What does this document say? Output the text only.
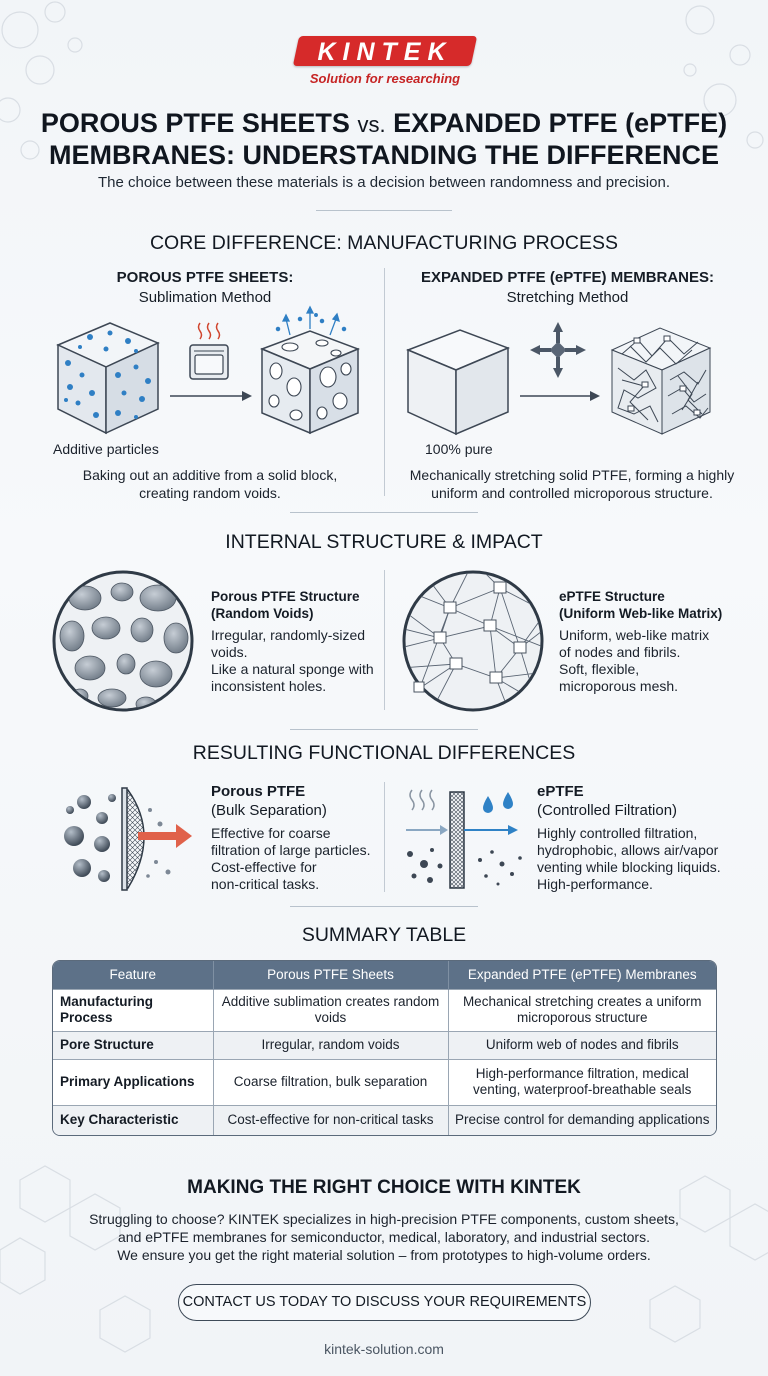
KINTEK
Solution for researching
POROUS PTFE SHEETS vs. EXPANDED PTFE (ePTFE)
MEMBRANES: UNDERSTANDING THE DIFFERENCE
The choice between these materials is a decision between randomness and precision.
CORE DIFFERENCE: MANUFACTURING PROCESS
POROUS PTFE SHEETS:
Sublimation Method
EXPANDED PTFE (ePTFE) MEMBRANES:
Stretching Method
Additive particles	100% pure
Baking out an additive from a solid block,
creating random voids.
Mechanically stretching solid PTFE, forming a highly
uniform and controlled microporous structure.
INTERNAL STRUCTURE & IMPACT
Porous PTFE Structure
(Random Voids)
Irregular, randomly-sized
voids.
Like a natural sponge with
inconsistent holes.
ePTFE Structure
(Uniform Web-like Matrix)
Uniform, web-like matrix
of nodes and fibrils.
Soft, flexible,
microporous mesh.
RESULTING FUNCTIONAL DIFFERENCES
Porous PTFE
(Bulk Separation)
Effective for coarse
filtration of large particles.
Cost-effective for
non-critical tasks.
ePTFE
(Controlled Filtration)
Highly controlled filtration,
hydrophobic, allows air/vapor
venting while blocking liquids.
High-performance.
SUMMARY TABLE
Feature	Porous PTFE Sheets	Expanded PTFE (ePTFE) Membranes
Manufacturing Process	Additive sublimation creates random voids	Mechanical stretching creates a uniform microporous structure
Pore Structure	Irregular, random voids	Uniform web of nodes and fibrils
Primary Applications	Coarse filtration, bulk separation	High-performance filtration, medical venting, waterproof-breathable seals
Key Characteristic	Cost-effective for non-critical tasks	Precise control for demanding applications
MAKING THE RIGHT CHOICE WITH KINTEK
Struggling to choose? KINTEK specializes in high-precision PTFE components, custom sheets,
and ePTFE membranes for semiconductor, medical, laboratory, and industrial sectors.
We ensure you get the right material solution – from prototypes to high-volume orders.
CONTACT US TODAY TO DISCUSS YOUR REQUIREMENTS
kintek-solution.com
